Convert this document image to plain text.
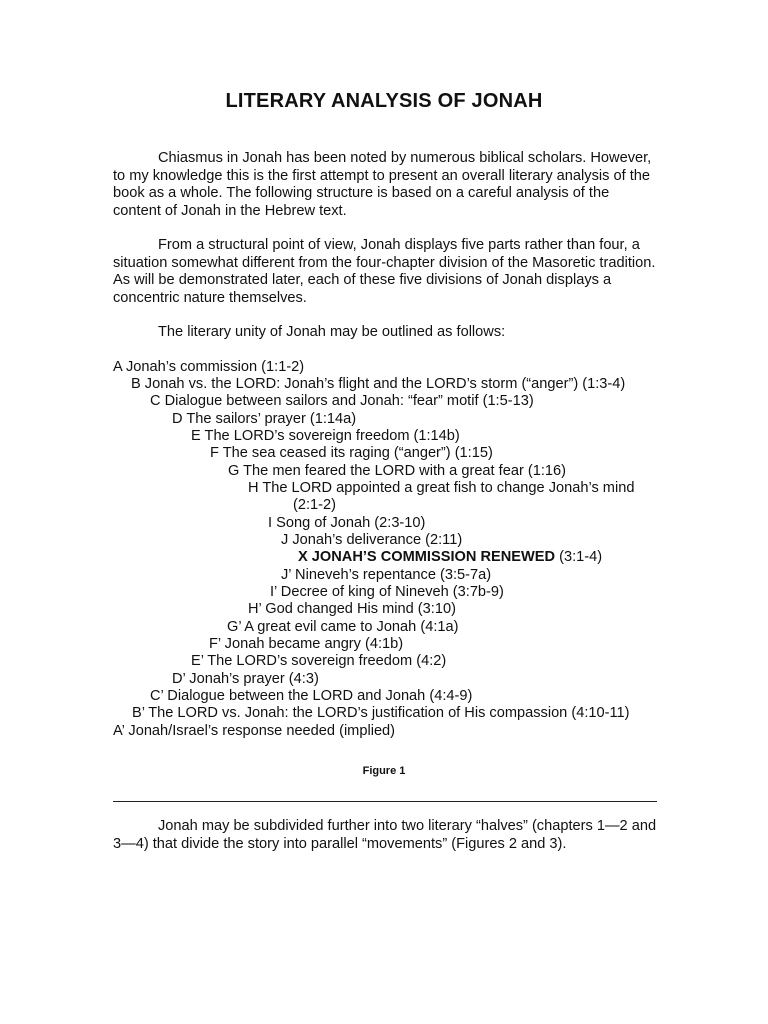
LITERARY ANALYSIS OF JONAH
Chiasmus in Jonah has been noted by numerous biblical scholars. However, to my knowledge this is the first attempt to present an overall literary analysis of the book as a whole. The following structure is based on a careful analysis of the content of Jonah in the Hebrew text.
From a structural point of view, Jonah displays five parts rather than four, a situation somewhat different from the four-chapter division of the Masoretic tradition. As will be demonstrated later, each of these five divisions of Jonah displays a concentric nature themselves.
The literary unity of Jonah may be outlined as follows:
A Jonah’s commission (1:1-2)
B Jonah vs. the LORD: Jonah’s flight and the LORD’s storm (“anger”) (1:3-4)
C Dialogue between sailors and Jonah: “fear” motif (1:5-13)
D The sailors’ prayer (1:14a)
E The LORD’s sovereign freedom (1:14b)
F The sea ceased its raging (“anger”) (1:15)
G The men feared the LORD with a great fear (1:16)
H The LORD appointed a great fish to change Jonah’s mind
(2:1-2)
I Song of Jonah (2:3-10)
J Jonah’s deliverance (2:11)
X JONAH’S COMMISSION RENEWED (3:1-4)
J’ Nineveh’s repentance (3:5-7a)
I’ Decree of king of Nineveh (3:7b-9)
H’ God changed His mind (3:10)
G’ A great evil came to Jonah (4:1a)
F’ Jonah became angry (4:1b)
E’ The LORD’s sovereign freedom (4:2)
D’ Jonah’s prayer (4:3)
C’ Dialogue between the LORD and Jonah (4:4-9)
B’ The LORD vs. Jonah: the LORD’s justification of His compassion (4:10-11)
A’ Jonah/Israel’s response needed (implied)
Figure 1
Jonah may be subdivided further into two literary “halves” (chapters 1—2 and 3—4) that divide the story into parallel “movements” (Figures 2 and 3).
